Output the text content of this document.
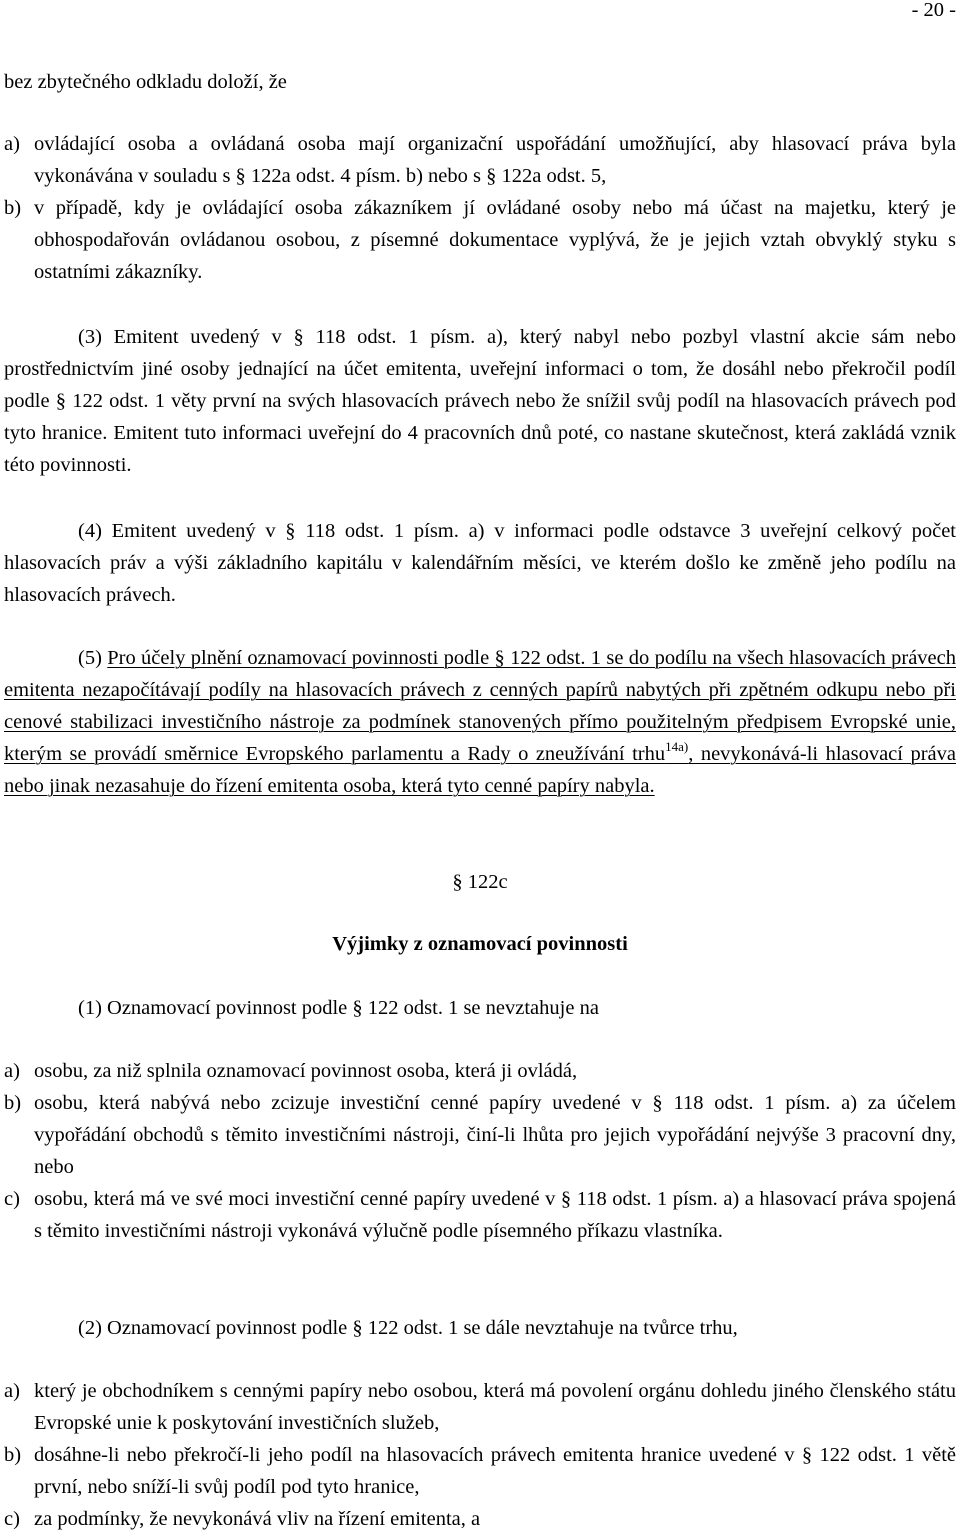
- 20 -

bez zbytečného odkladu doloží, že

a) ovládající osoba a ovládaná osoba mají organizační uspořádání umožňující, aby hlasovací práva byla vykonávána v souladu s § 122a odst. 4 písm. b) nebo s § 122a odst. 5,
b) v případě, kdy je ovládající osoba zákazníkem jí ovládané osoby nebo má účast na majetku, který je obhospodařován ovládanou osobou, z písemné dokumentace vyplývá, že je jejich vztah obvyklý styku s ostatními zákazníky.

(3) Emitent uvedený v § 118 odst. 1 písm. a), který nabyl nebo pozbyl vlastní akcie sám nebo prostřednictvím jiné osoby jednající na účet emitenta, uveřejní informaci o tom, že dosáhl nebo překročil podíl podle § 122 odst. 1 věty první na svých hlasovacích právech nebo že snížil svůj podíl na hlasovacích právech pod tyto hranice. Emitent tuto informaci uveřejní do 4 pracovních dnů poté, co nastane skutečnost, která zakládá vznik této povinnosti.

(4) Emitent uvedený v § 118 odst. 1 písm. a) v informaci podle odstavce 3 uveřejní celkový počet hlasovacích práv a výši základního kapitálu v kalendářním měsíci, ve kterém došlo ke změně jeho podílu na hlasovacích právech.

(5) Pro účely plnění oznamovací povinnosti podle § 122 odst. 1 se do podílu na všech hlasovacích právech emitenta nezapočítávají podíly na hlasovacích právech z cenných papírů nabytých při zpětném odkupu nebo při cenové stabilizaci investičního nástroje za podmínek stanovených přímo použitelným předpisem Evropské unie, kterým se provádí směrnice Evropského parlamentu a Rady o zneužívání trhu$^{14a)}$, nevykonává-li hlasovací práva nebo jinak nezasahuje do řízení emitenta osoba, která tyto cenné papíry nabyla.

§ 122c

Výjimky z oznamovací povinnosti

(1) Oznamovací povinnost podle § 122 odst. 1 se nevztahuje na

a) osobu, za niž splnila oznamovací povinnost osoba, která ji ovládá,
b) osobu, která nabývá nebo zcizuje investiční cenné papíry uvedené v § 118 odst. 1 písm. a) za účelem vypořádání obchodů s těmito investičními nástroji, činí-li lhůta pro jejich vypořádání nejvýše 3 pracovní dny, nebo
c) osobu, která má ve své moci investiční cenné papíry uvedené v § 118 odst. 1 písm. a) a hlasovací práva spojená s těmito investičními nástroji vykonává výlučně podle písemného příkazu vlastníka.

(2) Oznamovací povinnost podle § 122 odst. 1 se dále nevztahuje na tvůrce trhu,

a) který je obchodníkem s cennými papíry nebo osobou, která má povolení orgánu dohledu jiného členského státu Evropské unie k poskytování investičních služeb,
b) dosáhne-li nebo překročí-li jeho podíl na hlasovacích právech emitenta hranice uvedené v § 122 odst. 1 větě první, nebo sníží-li svůj podíl pod tyto hranice,
c) za podmínky, že nevykonává vliv na řízení emitenta, a
